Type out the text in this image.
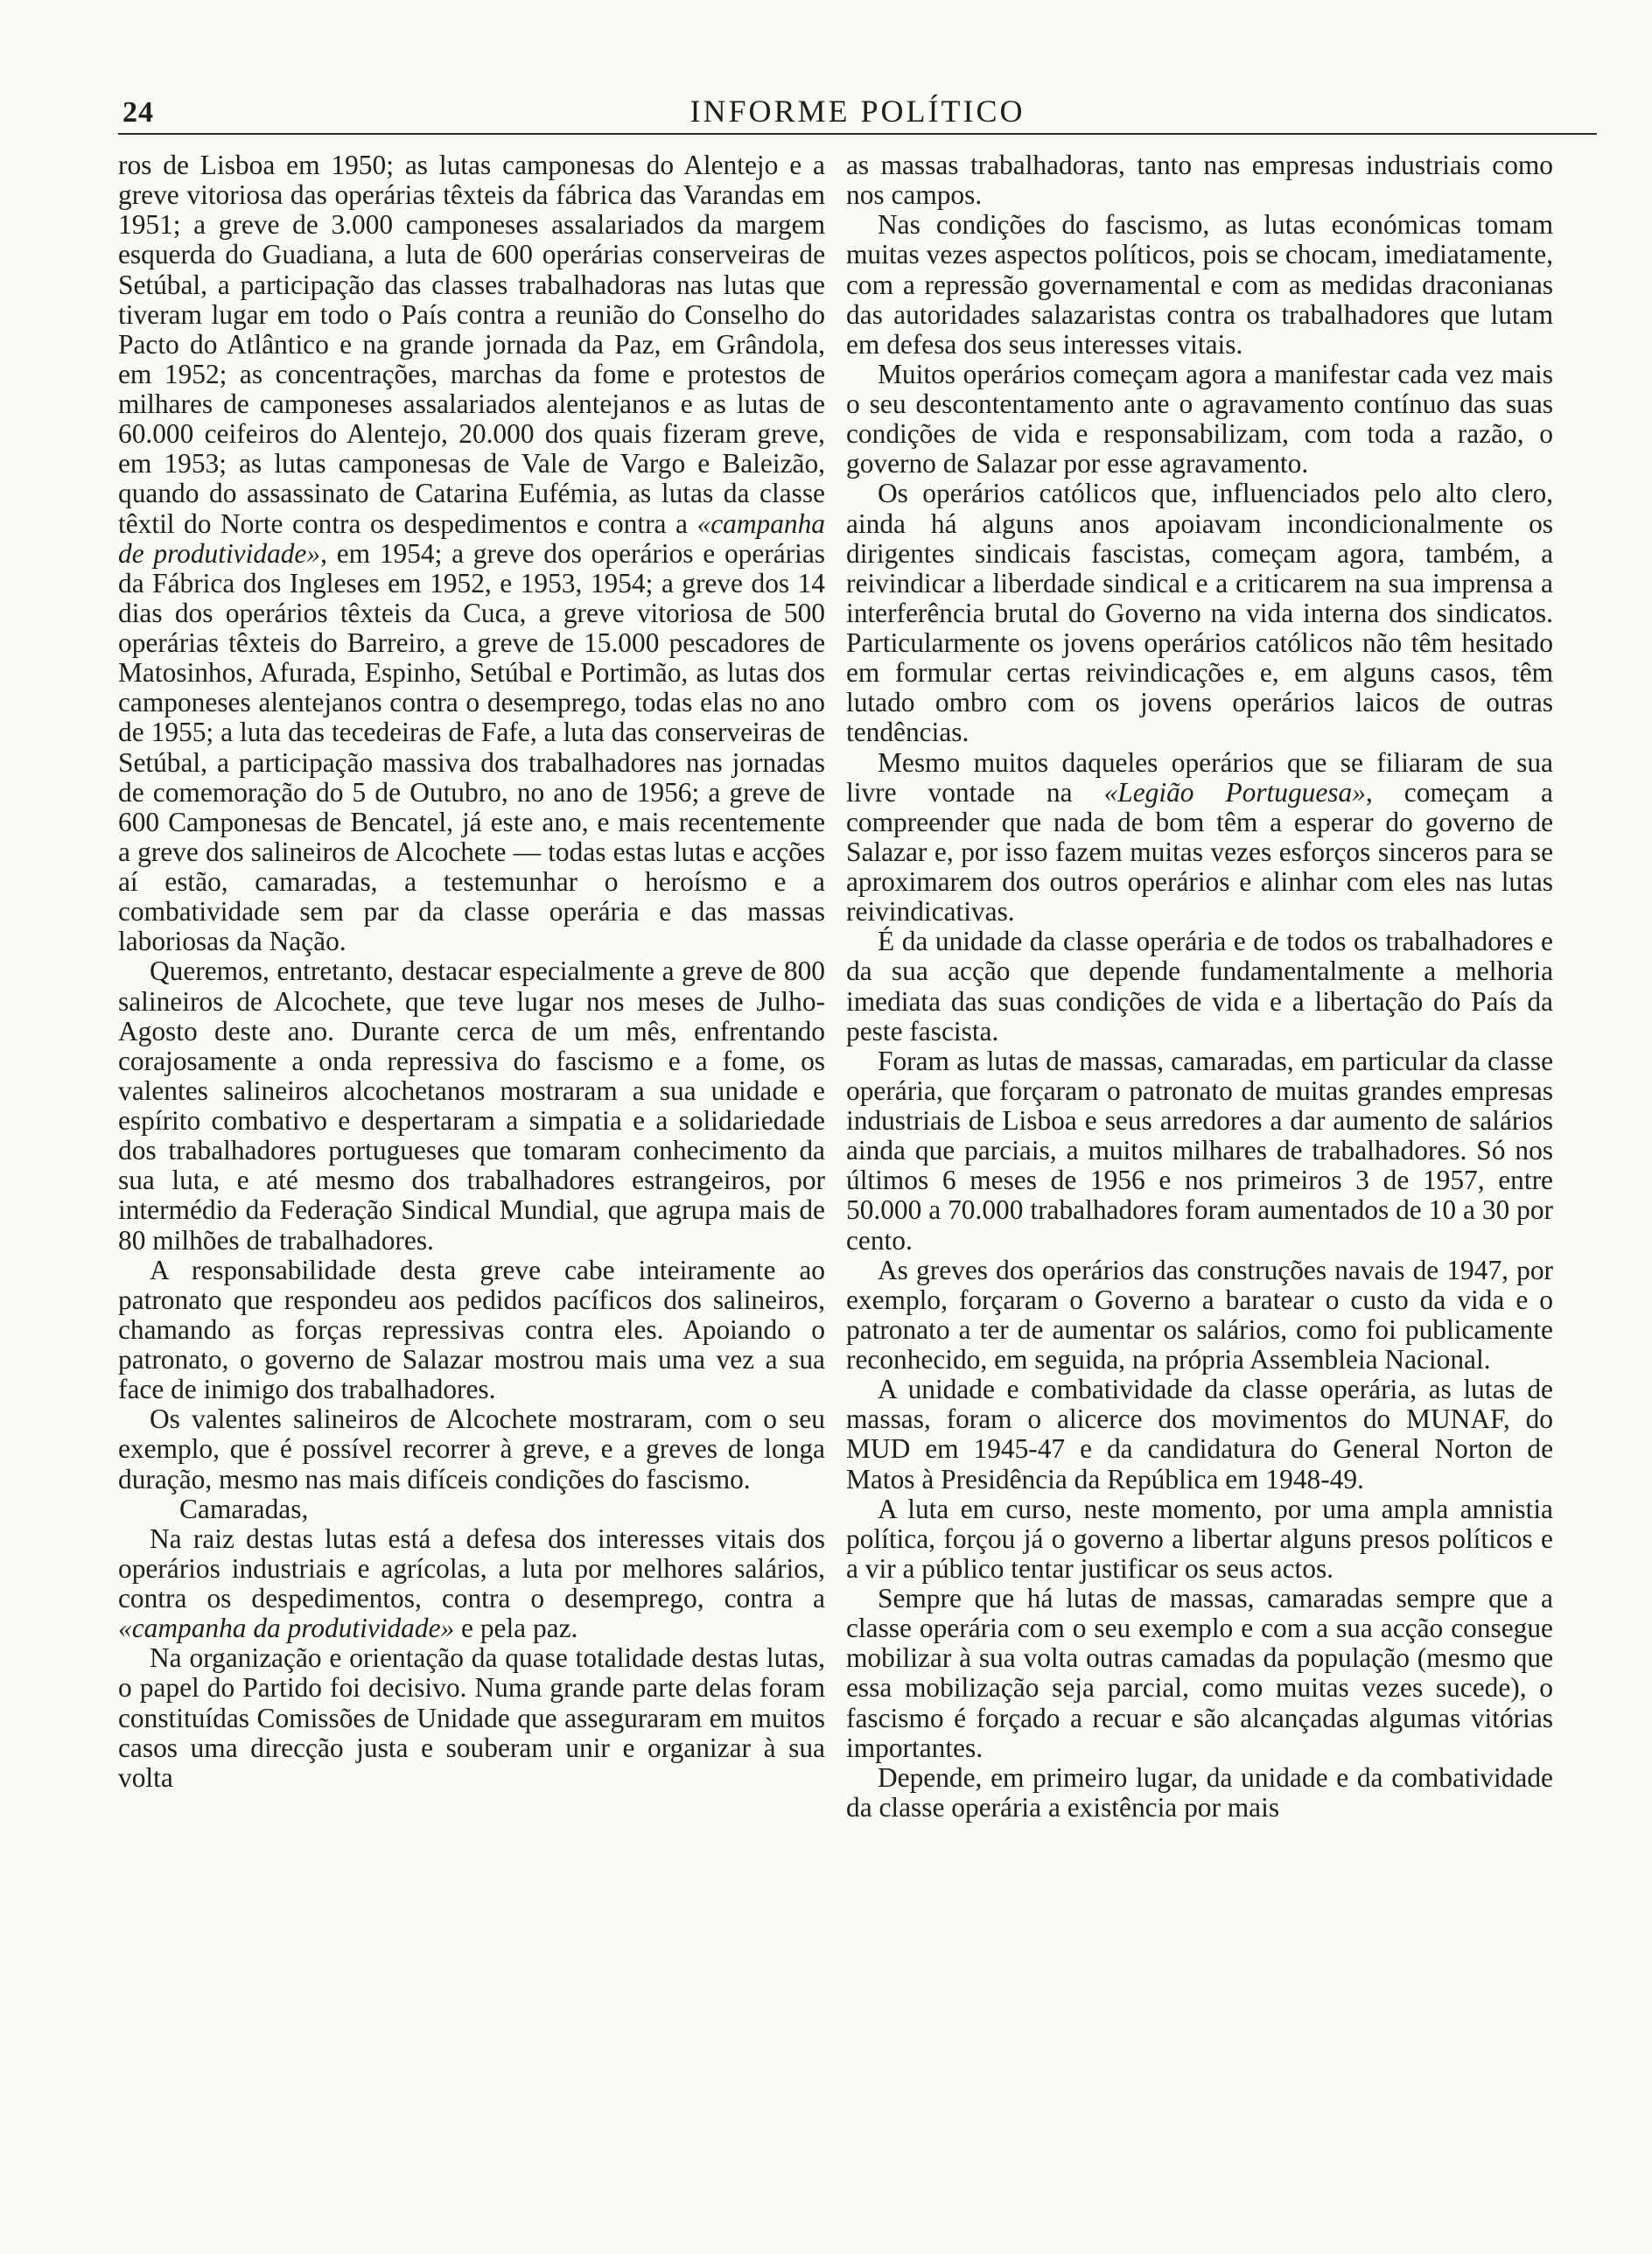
24	INFORME POLÍTICO

ros de Lisboa em 1950; as lutas camponesas do Alentejo e a greve vitoriosa das operárias têxteis da fábrica das Varandas em 1951; a greve de 3.000 camponeses assalariados da margem esquerda do Guadiana, a luta de 600 operárias conserveiras de Setúbal, a participação das classes trabalhadoras nas lutas que tiveram lugar em todo o País contra a reunião do Conselho do Pacto do Atlântico e na grande jornada da Paz, em Grândola, em 1952; as concentrações, marchas da fome e protestos de milhares de camponeses assalariados alentejanos e as lutas de 60.000 ceifeiros do Alentejo, 20.000 dos quais fizeram greve, em 1953; as lutas camponesas de Vale de Vargo e Baleizão, quando do assassinato de Catarina Eufémia, as lutas da classe têxtil do Norte contra os despedimentos e contra a «campanha de produtividade», em 1954; a greve dos operários e operárias da Fábrica dos Ingleses em 1952, e 1953, 1954; a greve dos 14 dias dos operários têxteis da Cuca, a greve vitoriosa de 500 operárias têxteis do Barreiro, a greve de 15.000 pescadores de Matosinhos, Afurada, Espinho, Setúbal e Portimão, as lutas dos camponeses alentejanos contra o desemprego, todas elas no ano de 1955; a luta das tecedeiras de Fafe, a luta das conserveiras de Setúbal, a participação massiva dos trabalhadores nas jornadas de comemoração do 5 de Outubro, no ano de 1956; a greve de 600 Camponesas de Bencatel, já este ano, e mais recentemente a greve dos salineiros de Alcochete — todas estas lutas e acções aí estão, camaradas, a testemunhar o heroísmo e a combatividade sem par da classe operária e das massas laboriosas da Nação.

Queremos, entretanto, destacar especialmente a greve de 800 salineiros de Alcochete, que teve lugar nos meses de Julho-Agosto deste ano. Durante cerca de um mês, enfrentando corajosamente a onda repressiva do fascismo e a fome, os valentes salineiros alcochetanos mostraram a sua unidade e espírito combativo e despertaram a simpatia e a solidariedade dos trabalhadores portugueses que tomaram conhecimento da sua luta, e até mesmo dos trabalhadores estrangeiros, por intermédio da Federação Sindical Mundial, que agrupa mais de 80 milhões de trabalhadores.

A responsabilidade desta greve cabe inteiramente ao patronato que respondeu aos pedidos pacíficos dos salineiros, chamando as forças repressivas contra eles. Apoiando o patronato, o governo de Salazar mostrou mais uma vez a sua face de inimigo dos trabalhadores.

Os valentes salineiros de Alcochete mostraram, com o seu exemplo, que é possível recorrer à greve, e a greves de longa duração, mesmo nas mais difíceis condições do fascismo.

Camaradas,

Na raiz destas lutas está a defesa dos interesses vitais dos operários industriais e agrícolas, a luta por melhores salários, contra os despedimentos, contra o desemprego, contra a «campanha da produtividade» e pela paz.

Na organização e orientação da quase totalidade destas lutas, o papel do Partido foi decisivo. Numa grande parte delas foram constituídas Comissões de Unidade que asseguraram em muitos casos uma direcção justa e souberam unir e organizar à sua volta

as massas trabalhadoras, tanto nas empresas industriais como nos campos.

Nas condições do fascismo, as lutas económicas tomam muitas vezes aspectos políticos, pois se chocam, imediatamente, com a repressão governamental e com as medidas draconianas das autoridades salazaristas contra os trabalhadores que lutam em defesa dos seus interesses vitais.

Muitos operários começam agora a manifestar cada vez mais o seu descontentamento ante o agravamento contínuo das suas condições de vida e responsabilizam, com toda a razão, o governo de Salazar por esse agravamento.

Os operários católicos que, influenciados pelo alto clero, ainda há alguns anos apoiavam incondicionalmente os dirigentes sindicais fascistas, começam agora, também, a reivindicar a liberdade sindical e a criticarem na sua imprensa a interferência brutal do Governo na vida interna dos sindicatos. Particularmente os jovens operários católicos não têm hesitado em formular certas reivindicações e, em alguns casos, têm lutado ombro com os jovens operários laicos de outras tendências.

Mesmo muitos daqueles operários que se filiaram de sua livre vontade na «Legião Portuguesa», começam a compreender que nada de bom têm a esperar do governo de Salazar e, por isso fazem muitas vezes esforços sinceros para se aproximarem dos outros operários e alinhar com eles nas lutas reivindicativas.

É da unidade da classe operária e de todos os trabalhadores e da sua acção que depende fundamentalmente a melhoria imediata das suas condições de vida e a libertação do País da peste fascista.

Foram as lutas de massas, camaradas, em particular da classe operária, que forçaram o patronato de muitas grandes empresas industriais de Lisboa e seus arredores a dar aumento de salários ainda que parciais, a muitos milhares de trabalhadores. Só nos últimos 6 meses de 1956 e nos primeiros 3 de 1957, entre 50.000 a 70.000 trabalhadores foram aumentados de 10 a 30 por cento.

As greves dos operários das construções navais de 1947, por exemplo, forçaram o Governo a baratear o custo da vida e o patronato a ter de aumentar os salários, como foi publicamente reconhecido, em seguida, na própria Assembleia Nacional.

A unidade e combatividade da classe operária, as lutas de massas, foram o alicerce dos movimentos do MUNAF, do MUD em 1945-47 e da candidatura do General Norton de Matos à Presidência da República em 1948-49.

A luta em curso, neste momento, por uma ampla amnistia política, forçou já o governo a libertar alguns presos políticos e a vir a público tentar justificar os seus actos.

Sempre que há lutas de massas, camaradas sempre que a classe operária com o seu exemplo e com a sua acção consegue mobilizar à sua volta outras camadas da população (mesmo que essa mobilização seja parcial, como muitas vezes sucede), o fascismo é forçado a recuar e são alcançadas algumas vitórias importantes.

Depende, em primeiro lugar, da unidade e da combatividade da classe operária a existência por mais
